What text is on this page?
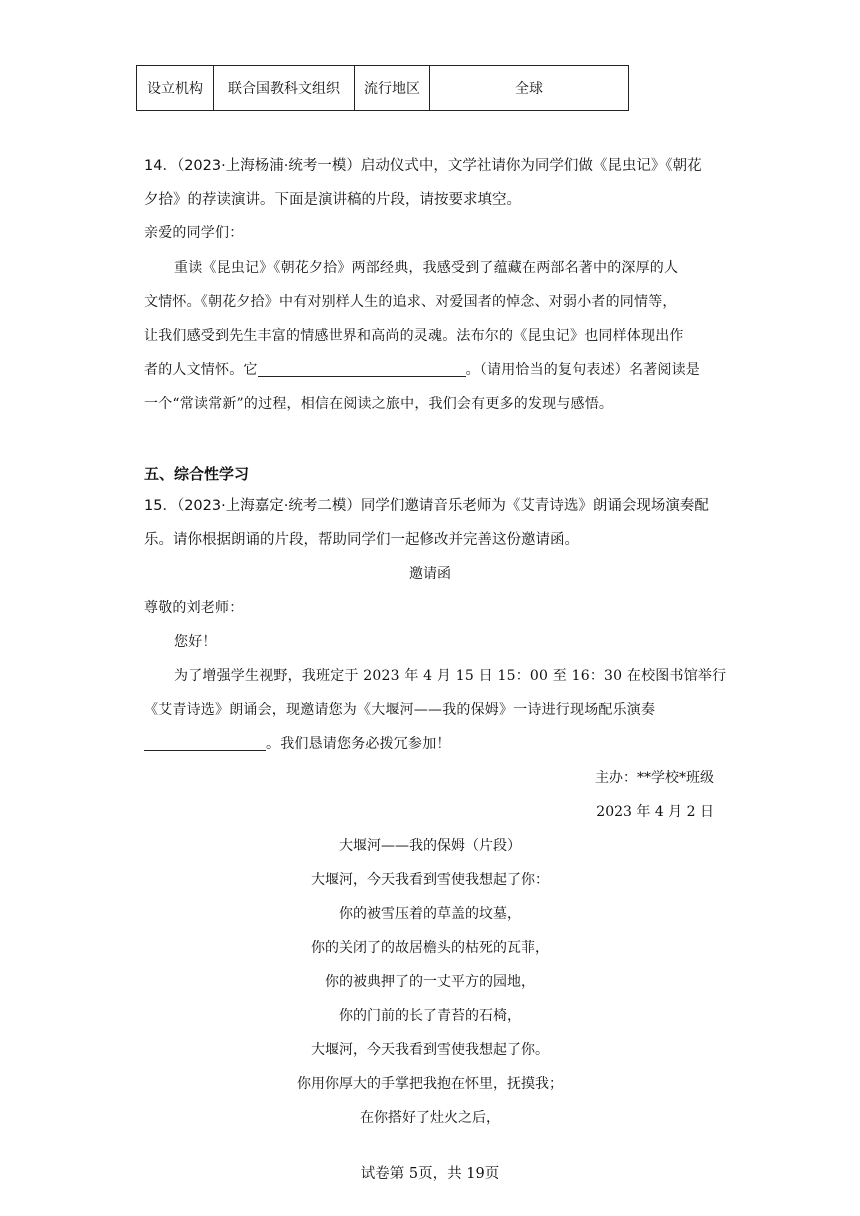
设立机构	联合国教科文组织	流行地区	全球
14．（2023·上海杨浦·统考一模）启动仪式中，文学社请你为同学们做《昆虫记》《朝花
夕拾》的荐读演讲。下面是演讲稿的片段，请按要求填空。
亲爱的同学们：
重读《昆虫记》《朝花夕拾》两部经典，我感受到了蕴藏在两部名著中的深厚的人
文情怀。《朝花夕拾》中有对别样人生的追求、对爱国者的悼念、对弱小者的同情等，
让我们感受到先生丰富的情感世界和高尚的灵魂。法布尔的《昆虫记》也同样体现出作
者的人文情怀。它	。（请用恰当的复句表述）名著阅读是
一个“常读常新”的过程，相信在阅读之旅中，我们会有更多的发现与感悟。
五、综合性学习
15．（2023·上海嘉定·统考二模）同学们邀请音乐老师为《艾青诗选》朗诵会现场演奏配
乐。请你根据朗诵的片段，帮助同学们一起修改并完善这份邀请函。
邀请函
尊敬的刘老师：
您好！
为了增强学生视野，我班定于 2023 年 4 月 15 日 15：00 至 16：30 在校图书馆举行
《艾青诗选》朗诵会，现邀请您为《大堰河——我的保姆》一诗进行现场配乐演奏
。我们恳请您务必拨冗参加！
主办：**学校*班级
2023 年 4 月 2 日
大堰河——我的保姆（片段）
大堰河，今天我看到雪使我想起了你：
你的被雪压着的草盖的坟墓，
你的关闭了的故居檐头的枯死的瓦菲，
你的被典押了的一丈平方的园地，
你的门前的长了青苔的石椅，
大堰河，今天我看到雪使我想起了你。
你用你厚大的手掌把我抱在怀里，抚摸我；
在你搭好了灶火之后，
试卷第 5页，共 19页
